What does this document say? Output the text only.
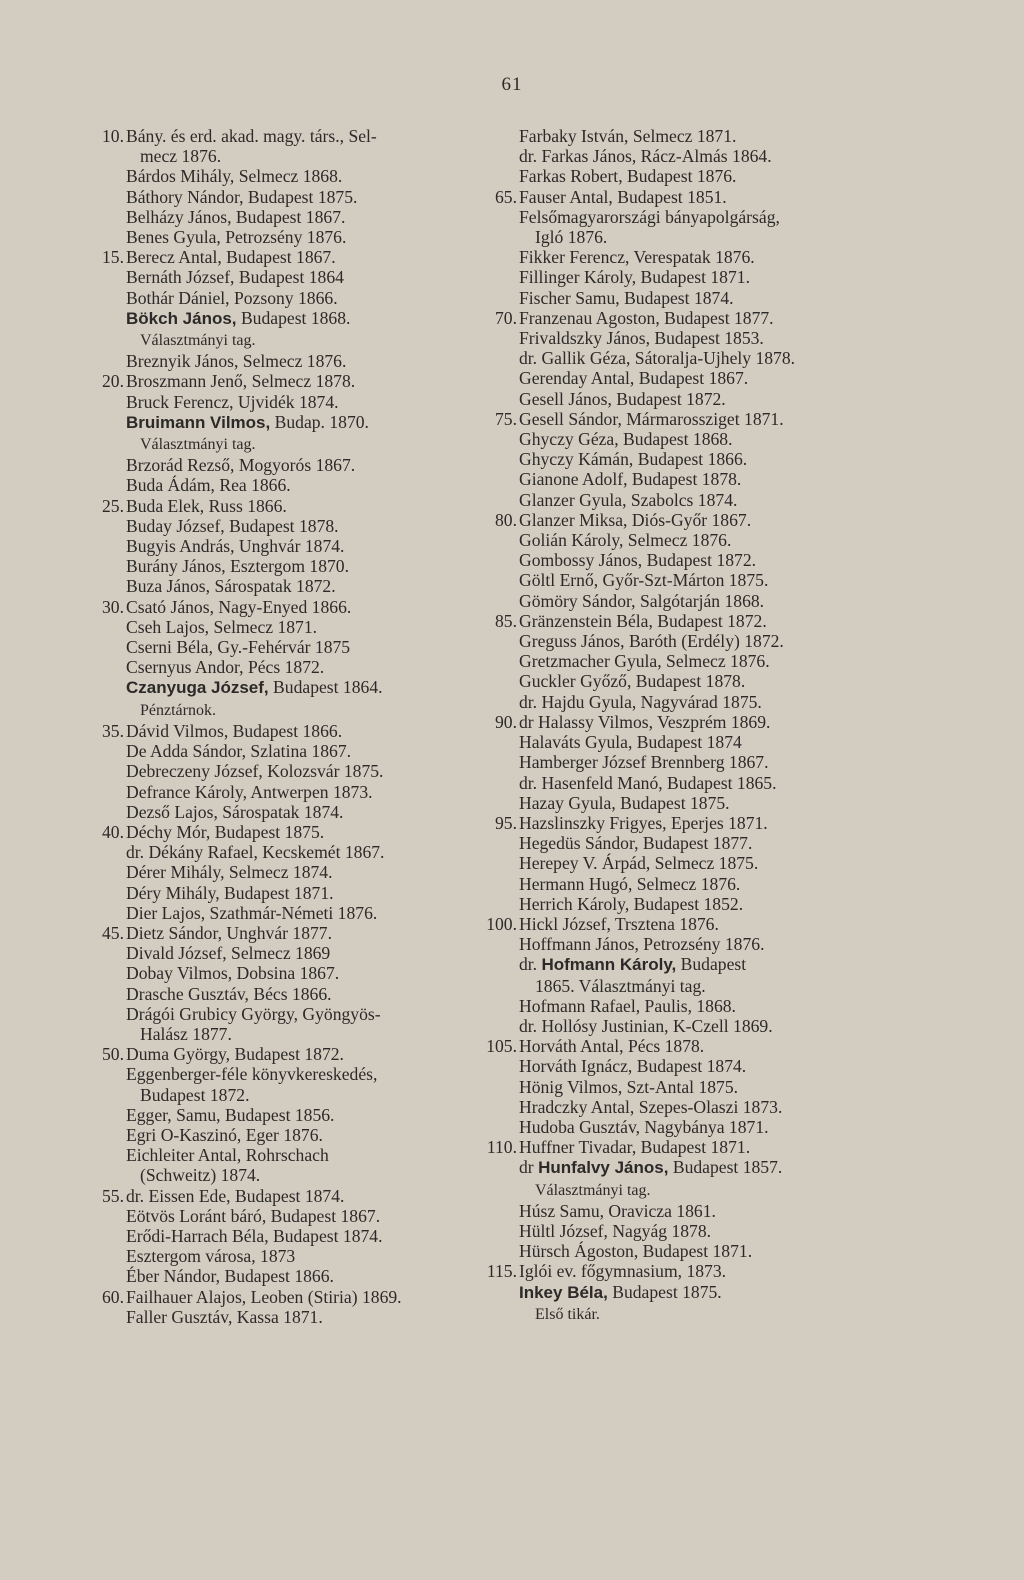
61
10. Bány. és erd. akad. magy. társ., Sel-
mecz 1876.
Bárdos Mihály, Selmecz 1868.
Báthory Nándor, Budapest 1875.
Belházy János, Budapest 1867.
Benes Gyula, Petrozsény 1876.
15. Berecz Antal, Budapest 1867.
Bernáth József, Budapest 1864
Bothár Dániel, Pozsony 1866.
Bökch János, Budapest 1868.
Választmányi tag.
Breznyik János, Selmecz 1876.
20. Broszmann Jenő, Selmecz 1878.
Bruck Ferencz, Ujvidék 1874.
Bruimann Vilmos, Budap. 1870.
Választmányi tag.
Brzorád Rezső, Mogyorós 1867.
Buda Ádám, Rea 1866.
25. Buda Elek, Russ 1866.
Buday József, Budapest 1878.
Bugyis András, Unghvár 1874.
Burány János, Esztergom 1870.
Buza János, Sárospatak 1872.
30. Csató János, Nagy-Enyed 1866.
Cseh Lajos, Selmecz 1871.
Cserni Béla, Gy.-Fehérvár 1875
Csernyus Andor, Pécs 1872.
Czanyuga József, Budapest 1864.
Pénztárnok.
35. Dávid Vilmos, Budapest 1866.
De Adda Sándor, Szlatina 1867.
Debreczeny József, Kolozsvár 1875.
Defrance Károly, Antwerpen 1873.
Dezső Lajos, Sárospatak 1874.
40. Déchy Mór, Budapest 1875.
dr. Dékány Rafael, Kecskemét 1867.
Dérer Mihály, Selmecz 1874.
Déry Mihály, Budapest 1871.
Dier Lajos, Szathmár-Németi 1876.
45. Dietz Sándor, Unghvár 1877.
Divald József, Selmecz 1869
Dobay Vilmos, Dobsina 1867.
Drasche Gusztáv, Bécs 1866.
Drágói Grubicy György, Gyöngyös-
Halász 1877.
50. Duma György, Budapest 1872.
Eggenberger-féle könyvkereskedés,
Budapest 1872.
Egger, Samu, Budapest 1856.
Egri O-Kaszinó, Eger 1876.
Eichleiter Antal, Rohrschach
(Schweitz) 1874.
55. dr. Eissen Ede, Budapest 1874.
Eötvös Loránt báró, Budapest 1867.
Erődi-Harrach Béla, Budapest 1874.
Esztergom városa, 1873
Éber Nándor, Budapest 1866.
60. Failhauer Alajos, Leoben (Stiria) 1869.
Faller Gusztáv, Kassa 1871.
Farbaky István, Selmecz 1871.
dr. Farkas János, Rácz-Almás 1864.
Farkas Robert, Budapest 1876.
65. Fauser Antal, Budapest 1851.
Felsőmagyarországi bányapolgárság,
Igló 1876.
Fikker Ferencz, Verespatak 1876.
Fillinger Károly, Budapest 1871.
Fischer Samu, Budapest 1874.
70. Franzenau Agoston, Budapest 1877.
Frivaldszky János, Budapest 1853.
dr. Gallik Géza, Sátoralja-Ujhely 1878.
Gerenday Antal, Budapest 1867.
Gesell János, Budapest 1872.
75. Gesell Sándor, Mármarossziget 1871.
Ghyczy Géza, Budapest 1868.
Ghyczy Kámán, Budapest 1866.
Gianone Adolf, Budapest 1878.
Glanzer Gyula, Szabolcs 1874.
80. Glanzer Miksa, Diós-Győr 1867.
Golián Károly, Selmecz 1876.
Gombossy János, Budapest 1872.
Göltl Ernő, Győr-Szt-Márton 1875.
Gömöry Sándor, Salgótarján 1868.
85. Gränzenstein Béla, Budapest 1872.
Greguss János, Baróth (Erdély) 1872.
Gretzmacher Gyula, Selmecz 1876.
Guckler Győző, Budapest 1878.
dr. Hajdu Gyula, Nagyvárad 1875.
90. dr Halassy Vilmos, Veszprém 1869.
Halaváts Gyula, Budapest 1874
Hamberger József Brennberg 1867.
dr. Hasenfeld Manó, Budapest 1865.
Hazay Gyula, Budapest 1875.
95. Hazslinszky Frigyes, Eperjes 1871.
Hegedüs Sándor, Budapest 1877.
Herepey V. Árpád, Selmecz 1875.
Hermann Hugó, Selmecz 1876.
Herrich Károly, Budapest 1852.
100. Hickl József, Trsztena 1876.
Hoffmann János, Petrozsény 1876.
dr. Hofmann Károly, Budapest
1865. Választmányi tag.
Hofmann Rafael, Paulis, 1868.
dr. Hollósy Justinian, K-Czell 1869.
105. Horváth Antal, Pécs 1878.
Horváth Ignácz, Budapest 1874.
Hönig Vilmos, Szt-Antal 1875.
Hradczky Antal, Szepes-Olaszi 1873.
Hudoba Gusztáv, Nagybánya 1871.
110. Huffner Tivadar, Budapest 1871.
dr Hunfalvy János, Budapest 1857.
Választmányi tag.
Húsz Samu, Oravicza 1861.
Hültl József, Nagyág 1878.
Hürsch Ágoston, Budapest 1871.
115. Iglói ev. főgymnasium, 1873.
Inkey Béla, Budapest 1875.
Első tikár.
